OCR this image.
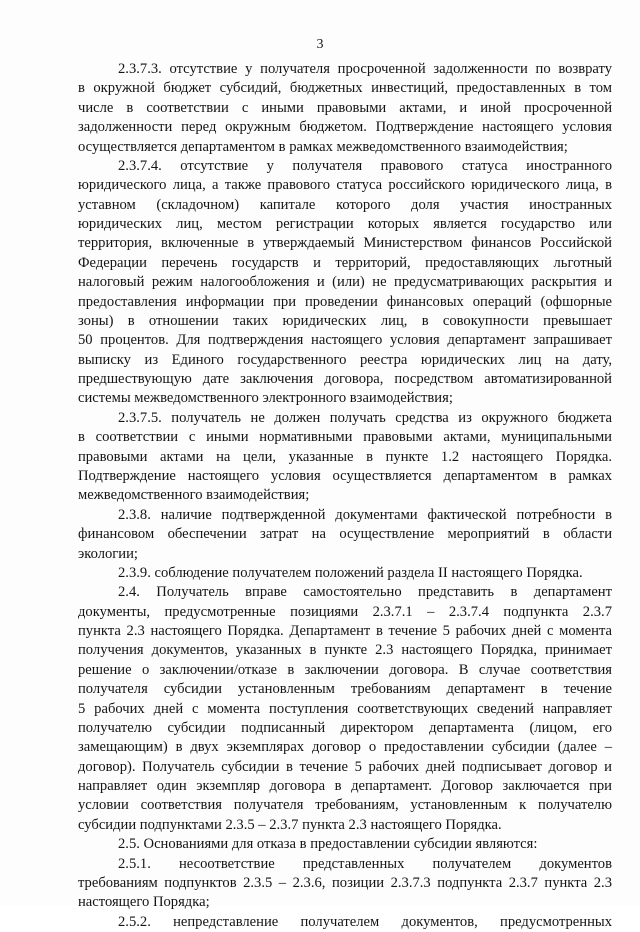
3
2.3.7.3. отсутствие у получателя просроченной задолженности по возврату
в окружной бюджет субсидий, бюджетных инвестиций, предоставленных в том
числе в соответствии с иными правовыми актами, и иной просроченной
задолженности перед окружным бюджетом. Подтверждение настоящего условия
осуществляется департаментом в рамках межведомственного взаимодействия;
2.3.7.4. отсутствие у получателя правового статуса иностранного
юридического лица, а также правового статуса российского юридического лица, в
уставном (складочном) капитале которого доля участия иностранных
юридических лиц, местом регистрации которых является государство или
территория, включенные в утверждаемый Министерством финансов Российской
Федерации перечень государств и территорий, предоставляющих льготный
налоговый режим налогообложения и (или) не предусматривающих раскрытия и
предоставления информации при проведении финансовых операций (офшорные
зоны) в отношении таких юридических лиц, в совокупности превышает
50 процентов. Для подтверждения настоящего условия департамент запрашивает
выписку из Единого государственного реестра юридических лиц на дату,
предшествующую дате заключения договора, посредством автоматизированной
системы межведомственного электронного взаимодействия;
2.3.7.5. получатель не должен получать средства из окружного бюджета
в соответствии с иными нормативными правовыми актами, муниципальными
правовыми актами на цели, указанные в пункте 1.2 настоящего Порядка.
Подтверждение настоящего условия осуществляется департаментом в рамках
межведомственного взаимодействия;
2.3.8. наличие подтвержденной документами фактической потребности в
финансовом обеспечении затрат на осуществление мероприятий в области
экологии;
2.3.9. соблюдение получателем положений раздела II настоящего Порядка.
2.4. Получатель вправе самостоятельно представить в департамент
документы, предусмотренные позициями 2.3.7.1 – 2.3.7.4 подпункта 2.3.7
пункта 2.3 настоящего Порядка. Департамент в течение 5 рабочих дней с момента
получения документов, указанных в пункте 2.3 настоящего Порядка, принимает
решение о заключении/отказе в заключении договора. В случае соответствия
получателя субсидии установленным требованиям департамент в течение
5 рабочих дней с момента поступления соответствующих сведений направляет
получателю субсидии подписанный директором департамента (лицом, его
замещающим) в двух экземплярах договор о предоставлении субсидии (далее –
договор). Получатель субсидии в течение 5 рабочих дней подписывает договор и
направляет один экземпляр договора в департамент. Договор заключается при
условии соответствия получателя требованиям, установленным к получателю
субсидии подпунктами 2.3.5 – 2.3.7 пункта 2.3 настоящего Порядка.
2.5. Основаниями для отказа в предоставлении субсидии являются:
2.5.1. несоответствие представленных получателем документов
требованиям подпунктов 2.3.5 – 2.3.6, позиции 2.3.7.3 подпункта 2.3.7 пункта 2.3
настоящего Порядка;
2.5.2. непредставление получателем документов, предусмотренных
